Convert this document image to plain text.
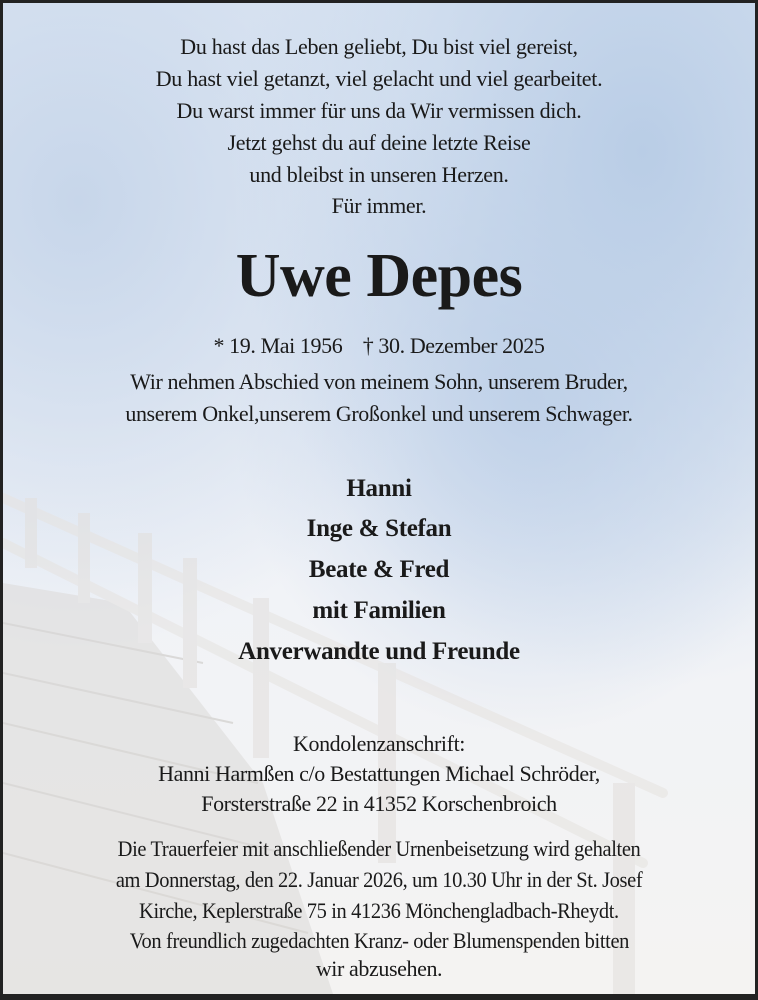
Du hast das Leben geliebt, Du bist viel gereist,
Du hast viel getanzt, viel gelacht und viel gearbeitet.
Du warst immer für uns da Wir vermissen dich.
Jetzt gehst du auf deine letzte Reise
und bleibst in unseren Herzen.
Für immer.
Uwe Depes
* 19. Mai 1956    † 30. Dezember 2025
Wir nehmen Abschied von meinem Sohn, unserem Bruder,
unserem Onkel,unserem Großonkel und unserem Schwager.
Hanni
Inge & Stefan
Beate & Fred
mit Familien
Anverwandte und Freunde
Kondolenzanschrift:
Hanni Harmßen c/o Bestattungen Michael Schröder,
Forsterstraße 22 in 41352 Korschenbroich
Die Trauerfeier mit anschließender Urnenbeisetzung wird gehalten
am Donnerstag, den 22. Januar 2026, um 10.30 Uhr in der St. Josef
Kirche, Keplerstraße 75 in 41236 Mönchengladbach-Rheydt.
Von freundlich zugedachten Kranz- oder Blumenspenden bitten
wir abzusehen.
